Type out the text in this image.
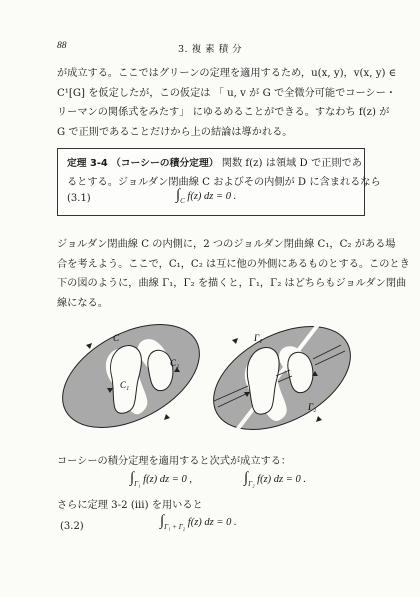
88	3. 複 素 積 分
が成立する。ここではグリーンの定理を適用するため，u(x, y)，v(x, y) ∈
C¹[G] を仮定したが，この仮定は 「 u, v が G で全微分可能でコーシー・
リーマンの関係式をみたす」 にゆるめることができる。すなわち f(z) が
G で正則であることだけから上の結論は導かれる。
定理 3-4 （コーシーの積分定理） 関数 f(z) は領域 D で正則であ
るとする。ジョルダン閉曲線 C およびその内側が D に含まれるなら
(3.1)	$\int_C$ f(z) dz = 0 .
ジョルダン閉曲線 C の内側に，2 つのジョルダン閉曲線 C₁，C₂ がある場
合を考えよう。ここで，C₁，C₂ は互に他の外側にあるものとする。このとき
下の図のように，曲線 Γ₁，Γ₂ を描くと，Γ₁，Γ₂ はどちらもジョルダン閉曲
線になる。
C
C₁
C₂
Γ₁
Γ₂
コーシーの積分定理を適用すると次式が成立する：
$\int_{\Gamma_1}$ f(z) dz = 0 ,	$\int_{\Gamma_2}$ f(z) dz = 0 .
さらに定理 3-2 (iii) を用いると
(3.2)	$\int_{\Gamma_1 + \Gamma_2}$ f(z) dz = 0 .
